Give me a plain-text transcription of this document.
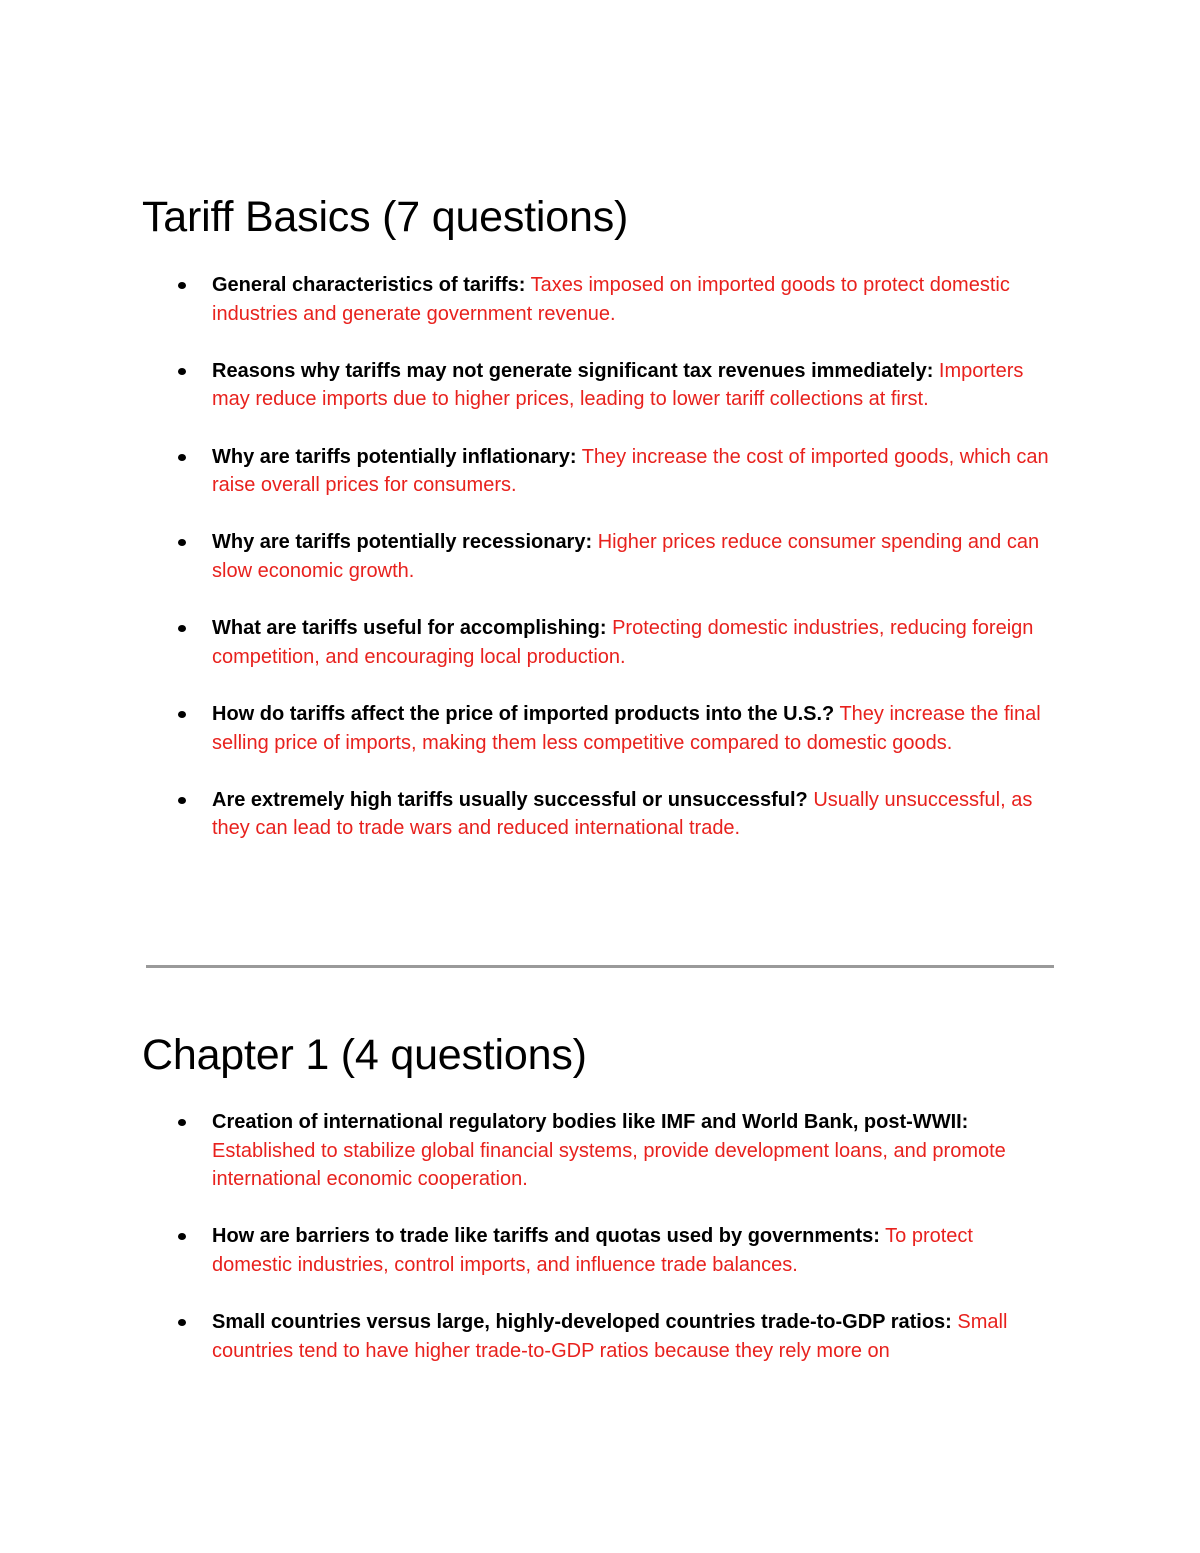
Tariff Basics (7 questions)
General characteristics of tariffs: Taxes imposed on imported goods to protect domestic industries and generate government revenue.
Reasons why tariffs may not generate significant tax revenues immediately: Importers may reduce imports due to higher prices, leading to lower tariff collections at first.
Why are tariffs potentially inflationary: They increase the cost of imported goods, which can raise overall prices for consumers.
Why are tariffs potentially recessionary: Higher prices reduce consumer spending and can slow economic growth.
What are tariffs useful for accomplishing: Protecting domestic industries, reducing foreign competition, and encouraging local production.
How do tariffs affect the price of imported products into the U.S.? They increase the final selling price of imports, making them less competitive compared to domestic goods.
Are extremely high tariffs usually successful or unsuccessful? Usually unsuccessful, as they can lead to trade wars and reduced international trade.
Chapter 1 (4 questions)
Creation of international regulatory bodies like IMF and World Bank, post-WWII: Established to stabilize global financial systems, provide development loans, and promote international economic cooperation.
How are barriers to trade like tariffs and quotas used by governments: To protect domestic industries, control imports, and influence trade balances.
Small countries versus large, highly-developed countries trade-to-GDP ratios: Small countries tend to have higher trade-to-GDP ratios because they rely more on
